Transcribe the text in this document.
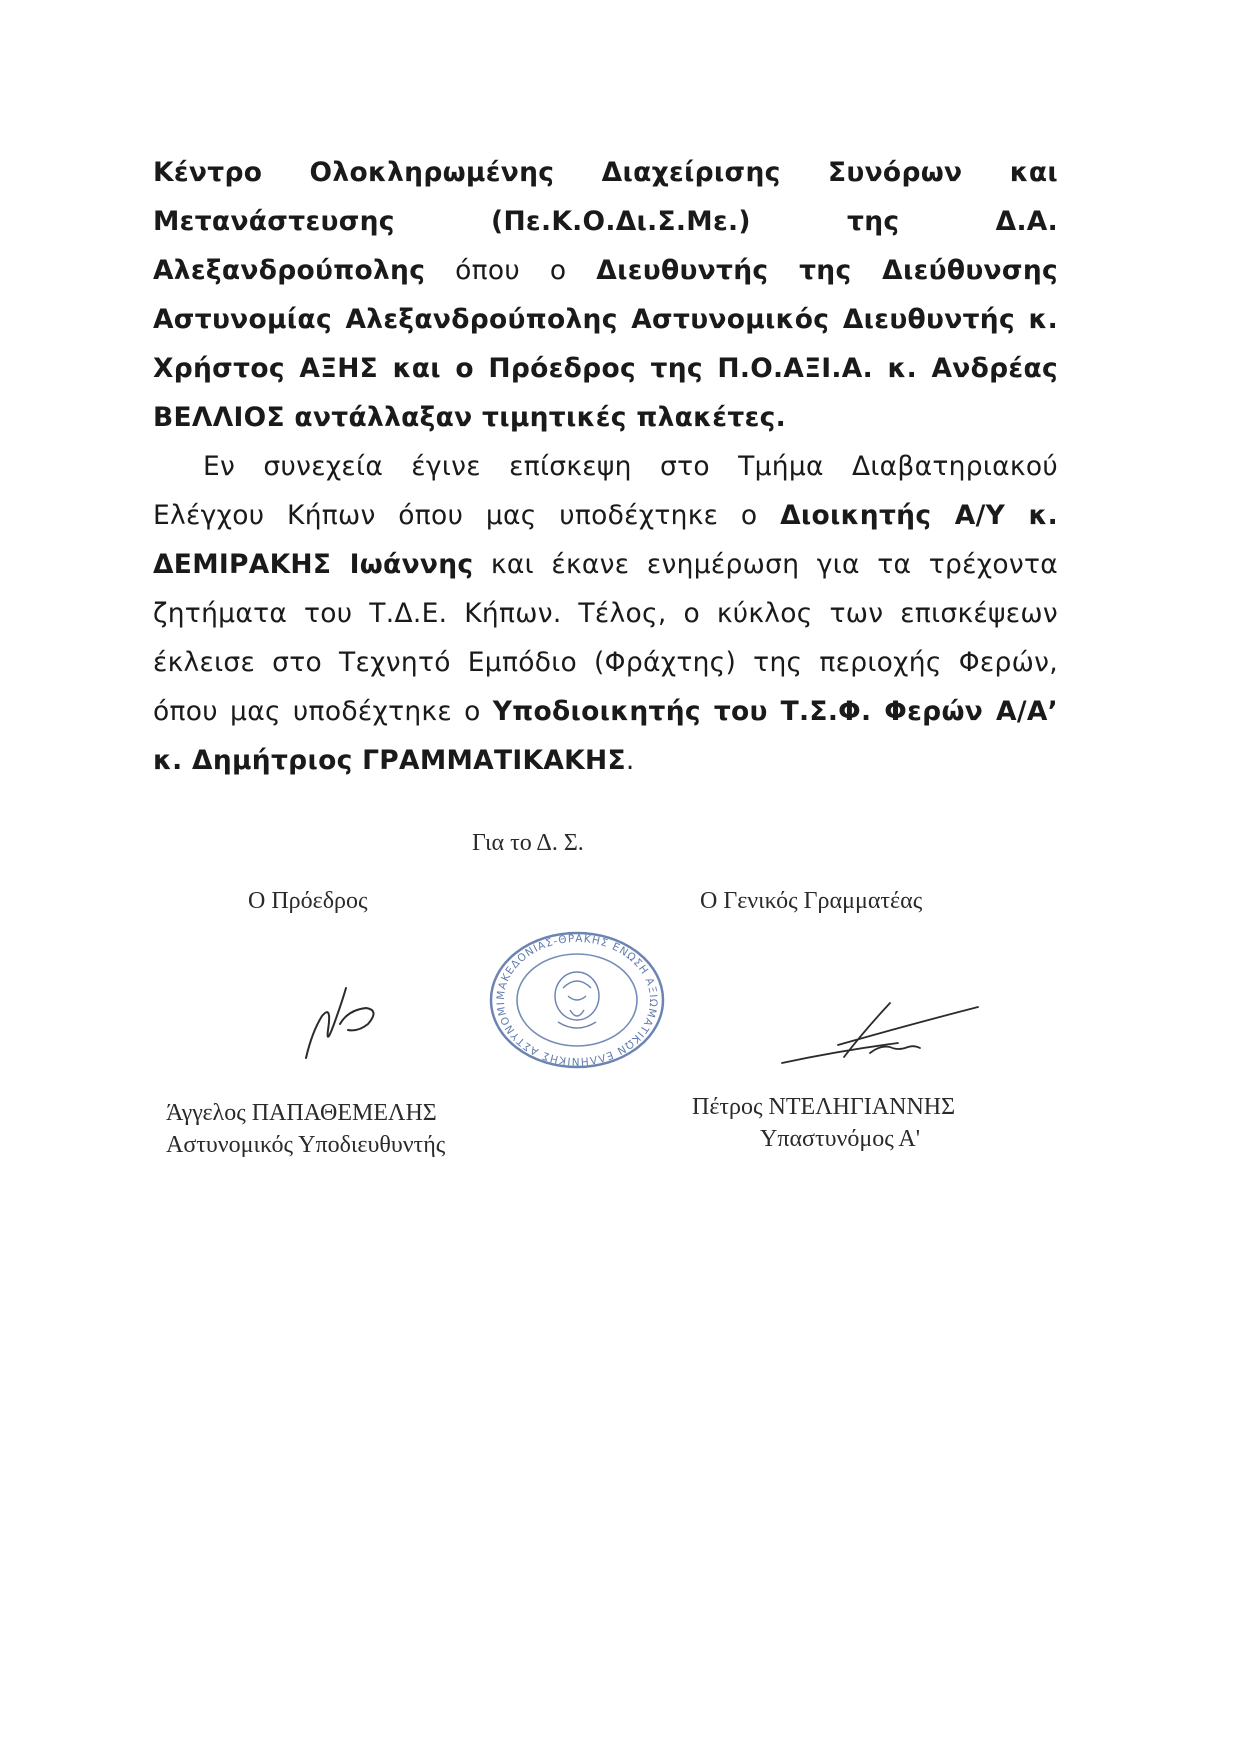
Κέντρο Ολοκληρωμένης Διαχείρισης Συνόρων και Μετανάστευσης (Πε.Κ.Ο.Δι.Σ.Με.) της Δ.Α. Αλεξανδρούπολης όπου ο Διευθυντής της Διεύθυνσης Αστυνομίας Αλεξανδρούπολης Αστυνομικός Διευθυντής κ. Χρήστος ΑΞΗΣ και ο Πρόεδρος της Π.Ο.ΑΞΙ.Α. κ. Ανδρέας ΒΕΛΛΙΟΣ αντάλλαξαν τιμητικές πλακέτες.

Εν συνεχεία έγινε επίσκεψη στο Τμήμα Διαβατηριακού Ελέγχου Κήπων όπου μας υποδέχτηκε ο Διοικητής Α/Υ κ. ΔΕΜΙΡΑΚΗΣ Ιωάννης και έκανε ενημέρωση για τα τρέχοντα ζητήματα του Τ.Δ.Ε. Κήπων. Τέλος, ο κύκλος των επισκέψεων έκλεισε στο Τεχνητό Εμπόδιο (Φράχτης) της περιοχής Φερών, όπου μας υποδέχτηκε ο Υποδιοικητής του Τ.Σ.Φ. Φερών Α/Α’ κ. Δημήτριος ΓΡΑΜΜΑΤΙΚΑΚΗΣ.

Για το Δ. Σ.
Ο Πρόεδρος	Ο Γενικός Γραμματέας
ΜΑΚΕΔΟΝΙΑΣ-ΘΡΑΚΗΣ ΕΝΩΣΗ ΑΞΙΩΜΑΤΙΚΩΝ ΕΛΛΗΝΙΚΗΣ ΑΣΤΥΝΟΜΙΑΣ
Άγγελος ΠΑΠΑΘΕΜΕΛΗΣ
Αστυνομικός Υποδιευθυντής
Πέτρος ΝΤΕΛΗΓΙΑΝΝΗΣ
Υπαστυνόμος Α'
